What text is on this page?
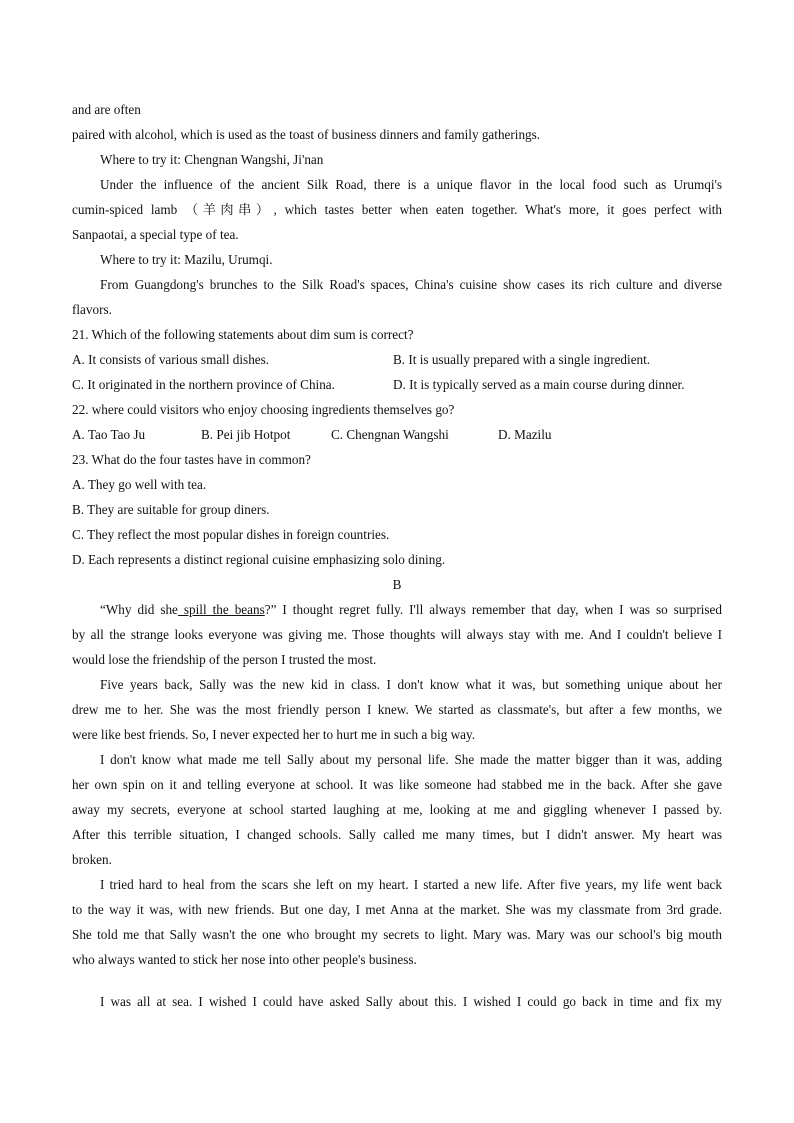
and are often
paired with alcohol, which is used as the toast of business dinners and family gatherings.
Where to try it: Chengnan Wangshi, Ji'nan
Under the influence of the ancient Silk Road, there is a unique flavor in the local food such as Urumqi's
cumin-spiced lamb （羊肉串）, which tastes better when eaten together. What's more, it goes perfect with
Sanpaotai, a special type of tea.
Where to try it: Mazilu, Urumqi.
From Guangdong's brunches to the Silk Road's spaces, China's cuisine show cases its rich culture and diverse
flavors.
21. Which of the following statements about dim sum is correct?
A. It consists of various small dishes.	B. It is usually prepared with a single ingredient.
C. It originated in the northern province of China.	D. It is typically served as a main course during dinner.
22. where could visitors who enjoy choosing ingredients themselves go?
A. Tao Tao Ju	B. Pei jib Hotpot	C. Chengnan Wangshi	D. Mazilu
23. What do the four tastes have in common?
A. They go well with tea.
B. They are suitable for group diners.
C. They reflect the most popular dishes in foreign countries.
D. Each represents a distinct regional cuisine emphasizing solo dining.
B
“Why did she spill the beans?” I thought regret fully. I'll always remember that day, when I was so surprised
by all the strange looks everyone was giving me. Those thoughts will always stay with me. And I couldn't believe I
would lose the friendship of the person I trusted the most.
Five years back, Sally was the new kid in class. I don't know what it was, but something unique about her
drew me to her. She was the most friendly person I knew. We started as classmate's, but after a few months, we
were like best friends. So, I never expected her to hurt me in such a big way.
I don't know what made me tell Sally about my personal life. She made the matter bigger than it was, adding
her own spin on it and telling everyone at school. It was like someone had stabbed me in the back. After she gave
away my secrets, everyone at school started laughing at me, looking at me and giggling whenever I passed by.
After this terrible situation, I changed schools. Sally called me many times, but I didn't answer. My heart was
broken.
I tried hard to heal from the scars she left on my heart. I started a new life. After five years, my life went back
to the way it was, with new friends. But one day, I met Anna at the market. She was my classmate from 3rd grade.
She told me that Sally wasn't the one who brought my secrets to light. Mary was. Mary was our school's big mouth
who always wanted to stick her nose into other people's business.
I was all at sea. I wished I could have asked Sally about this. I wished I could go back in time and fix my
